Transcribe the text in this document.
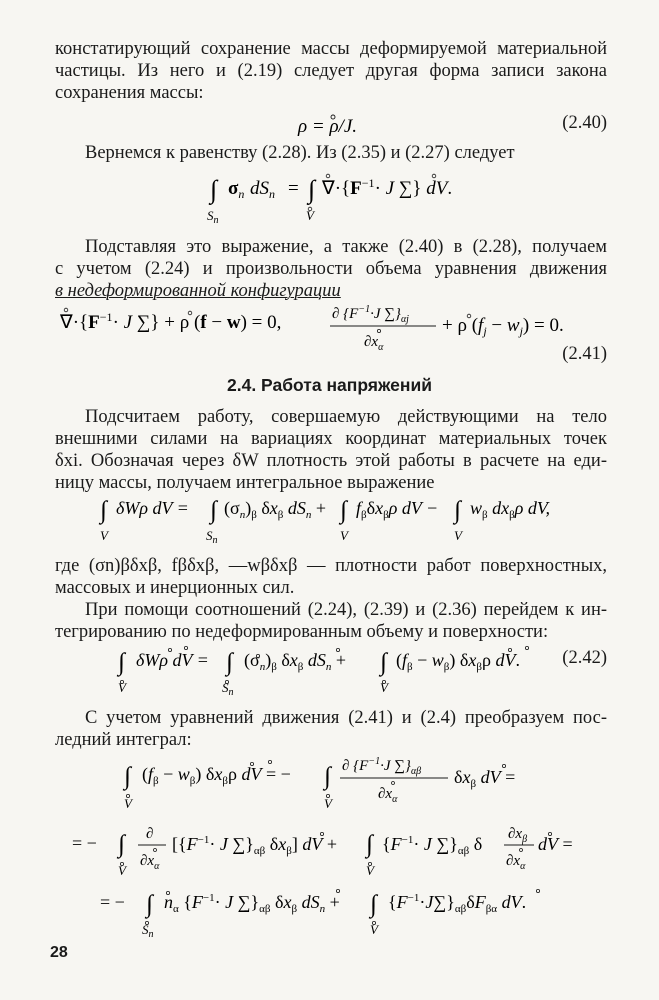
констатирующий сохранение массы деформируемой материальной
частицы. Из него и (2.19) следует другая форма записи закона
сохранения массы:
ρ = ρ/J.	(2.40)
Вернемся к равенству (2.28). Из (2.35) и (2.27) следует
∫
$S_n$
$\sigma_n$ $dS_n$ = ∫
V
$\nabla\cdot\{F^{-1}\cdot J$ ∑} dV.
Подставляя это выражение, а также (2.40) в (2.28), получаем
с учетом (2.24) и произвольности объема уравнения движения
в недеформированной конфигурации
$\nabla\cdot\{F^{-1}\cdot J$ ∑} + ρ (f − w) = 0,	∂ {$F^{-1}\cdot J$ $\sum\}_{\alpha j}$
$\partial x_\alpha$
+ ρ $(f_j - w_j) = 0$.
(2.41)
2.4. Работа напряжений
Подсчитаем работу, совершаемую действующими на тело
внешними силами на вариациях координат материальных точек
δxi. Обозначая через δW плотность этой работы в расчете на еди-
ницу массы, получаем интегральное выражение
∫
V
δWρ dV = ∫
$S_n$
$(\sigma_n)_\beta$ $\delta x_\beta$ $dS_n$ + ∫
V
$f_\beta\delta x_\beta\rho$ dV − ∫
V
$w_\beta$ $dx_\beta\rho$ dV,
где (σn)βδxβ, fβδxβ, —wβδxβ — плотности работ поверхностных,
массовых и инерционных сил.
При помощи соотношений (2.24), (2.39) и (2.36) перейдем к ин-
тегрированию по недеформированным объему и поверхности:
∫
V
δWρ dV = ∫
$S_n$
$(\sigma_n)_\beta$ $\delta x_\beta$ $dS_n$ + ∫
V
$(f_\beta - w_\beta)$ $\delta x_\beta\rho$ dV. (2.42)
С учетом уравнений движения (2.41) и (2.4) преобразуем пос-
ледний интеграл:
∫
V
$(f_\beta - w_\beta)$ $\delta x_\beta\rho$ dV = − ∫
V
∂ {$F^{-1}\cdot J$ $\sum\}_{\alpha\beta}$
$\partial x_\alpha$
$\delta x_\beta$ dV =
= − ∫
V
∂
$\partial x_\alpha$
[{$F^{-1}\cdot J$ $\sum\}_{\alpha\beta}$ $\delta x_\beta$] dV + ∫
V
{$F^{-1}\cdot J$ $\sum\}_{\alpha\beta}$ δ $\partial x_\beta$
$\partial x_\alpha$
dV =
= − ∫
$S_n$
$n_\alpha$ {$F^{-1}\cdot J$ $\sum\}_{\alpha\beta}$ $\delta x_\beta$ $dS_n$ + ∫
V
$\{F^{-1}\cdot J\sum\}_{\alpha\beta}\delta F_{\beta\alpha}$ dV.
28
